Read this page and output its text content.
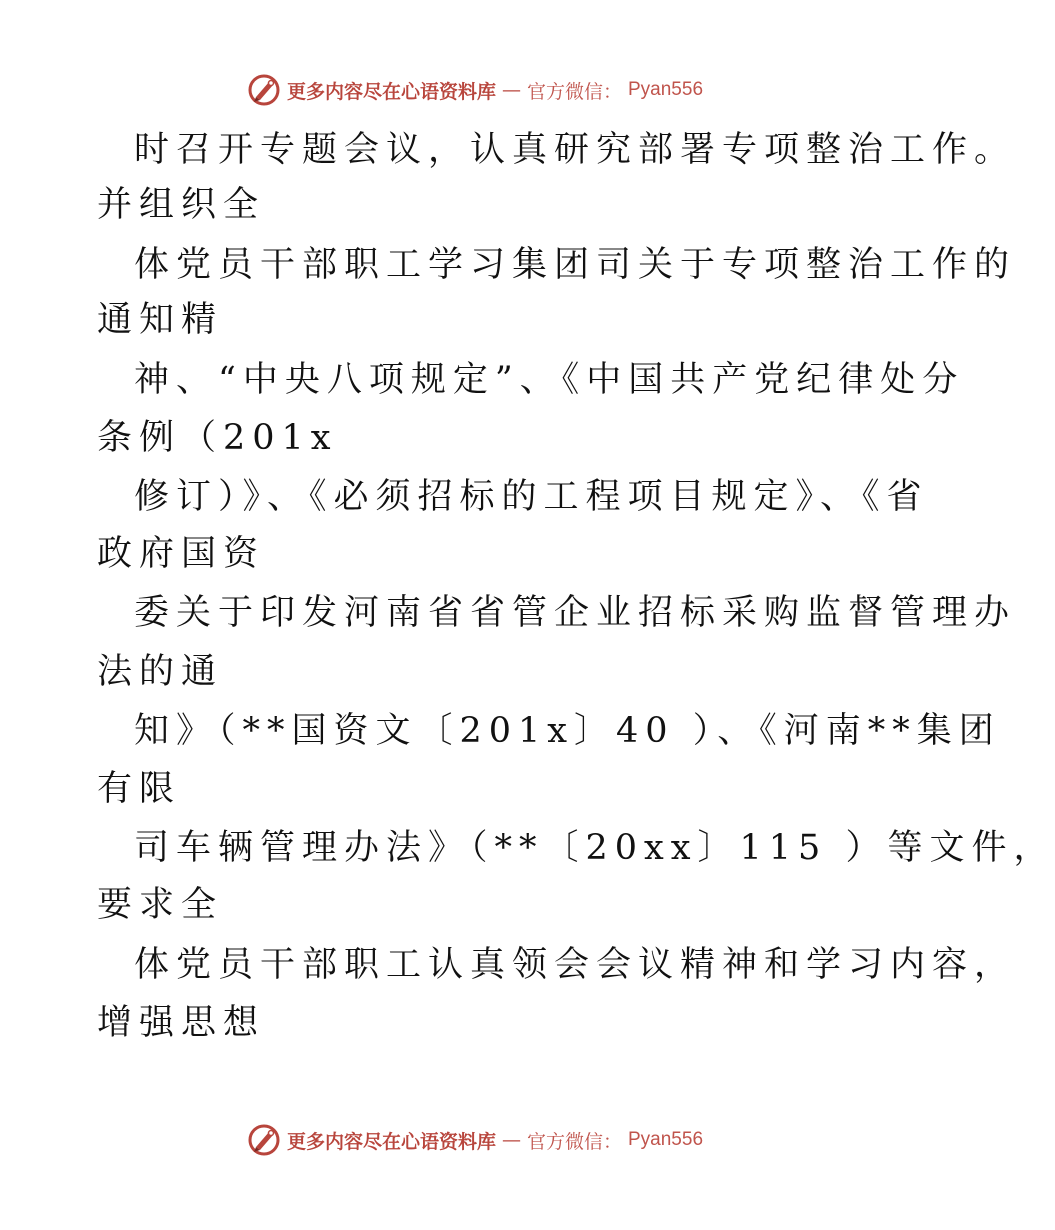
更多内容尽在心语资料库 — 官方微信： Pyan556
时召开专题会议，认真研究部署专项整治工作。
并组织全
体党员干部职工学习集团司关于专项整治工作的
通知精
神、“中央八项规定”、《中国共产党纪律处分
条例（201x
修订）》、《必须招标的工程项目规定》、《省
政府国资
委关于印发河南省省管企业招标采购监督管理办
法的通
知》（**国资文〔201x〕40 ）、《河南**集团
有限
司车辆管理办法》（**〔20xx〕115 ）等文件，
要求全
体党员干部职工认真领会会议精神和学习内容，
增强思想
更多内容尽在心语资料库 — 官方微信： Pyan556
